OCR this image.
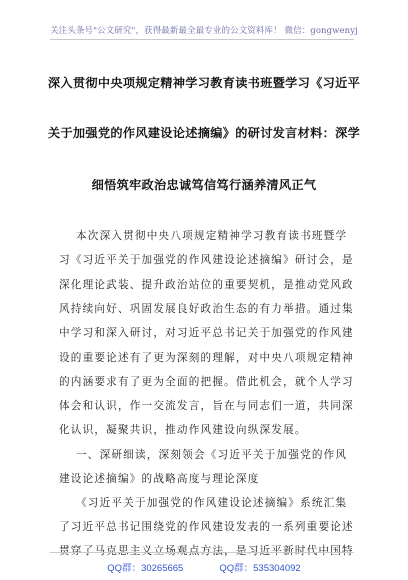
关注头条号"公文研究"，获得最新最全最专业的公文资料库！ 微信：gongwenyj
深入贯彻中央项规定精神学习教育读书班暨学习《习近平
关于加强党的作风建设论述摘编》的研讨发言材料：深学
细悟筑牢政治忠诚笃信笃行涵养清风正气
本次深入贯彻中央八项规定精神学习教育读书班暨学
习《习近平关于加强党的作风建设论述摘编》研讨会，是
深化理论武装、提升政治站位的重要契机，是推动党风政
风持续向好、巩固发展良好政治生态的有力举措。通过集
中学习和深入研讨，对习近平总书记关于加强党的作风建
设的重要论述有了更为深刻的理解，对中央八项规定精神
的内涵要求有了更为全面的把握。借此机会，就个人学习
体会和认识，作一交流发言，旨在与同志们一道，共同深
化认识，凝聚共识，推动作风建设向纵深发展。
一、深研细读，深刻领会《习近平关于加强党的作风
建设论述摘编》的战略高度与理论深度
《习近平关于加强党的作风建设论述摘编》系统汇集
了习近平总书记围绕党的作风建设发表的一系列重要论述
贯穿了马克思主义立场观点方法，是习近平新时代中国特
QQ群：30265665	QQ群：535304092
